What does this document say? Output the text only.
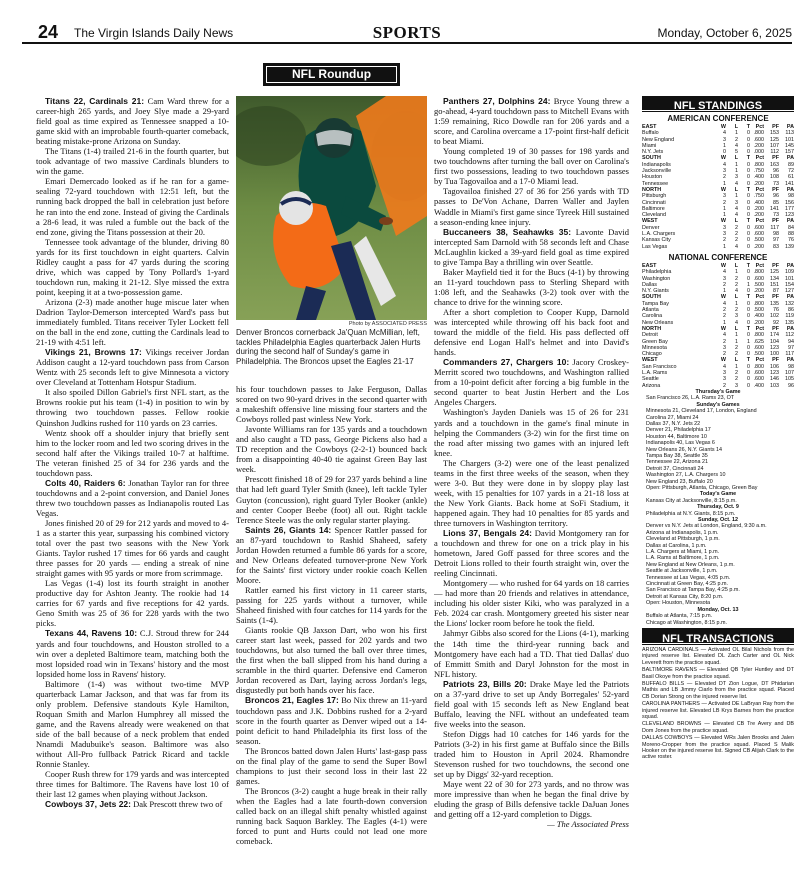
24 The Virgin Islands Daily News	SPORTS	Monday, October 6, 2025
NFL Roundup

Titans 22, Cardinals 21: Cam Ward threw for a career-high 265 yards, and Joey Slye made a 29-yard field goal as time expired as Tennessee snapped a 10-game skid with an improbable fourth-quarter comeback, beating mistake-prone Arizona on Sunday.

The Titans (1-4) trailed 21-6 in the fourth quarter, but took advantage of two massive Cardinals blunders to win the game.

Emari Demercado looked as if he ran for a game-sealing 72-yard touchdown with 12:51 left, but the running back dropped the ball in celebration just before he ran into the end zone. Instead of giving the Cardinals a 28-6 lead, it was ruled a fumble out the back of the end zone, giving the Titans possession at their 20.

Tennessee took advantage of the blunder, driving 80 yards for its first touchdown in eight quarters. Calvin Ridley caught a pass for 47 yards during the scoring drive, which was capped by Tony Pollard's 1-yard touchdown run, making it 21-12. Slye missed the extra point, keeping it at a two-possession game.

Arizona (2-3) made another huge miscue later when Dadrion Taylor-Demerson intercepted Ward's pass but immediately fumbled. Titans receiver Tyler Lockett fell on the ball in the end zone, cutting the Cardinals lead to 21-19 with 4:51 left.

Vikings 21, Browns 17: Vikings receiver Jordan Addison caught a 12-yard touchdown pass from Carson Wentz with 25 seconds left to give Minnesota a victory over Cleveland at Tottenham Hotspur Stadium.

It also spoiled Dillon Gabriel's first NFL start, as the Browns rookie put his team (1-4) in position to win by throwing two touchdown passes. Fellow rookie Quinshon Judkins rushed for 110 yards on 23 carries.

Wentz shook off a shoulder injury that briefly sent him to the locker room and led two scoring drives in the second half after the Vikings trailed 10-7 at halftime. The veteran finished 25 of 34 for 236 yards and the touchdown pass.

Colts 40, Raiders 6: Jonathan Taylor ran for three touchdowns and a 2-point conversion, and Daniel Jones threw two touchdown passes as Indianapolis routed Las Vegas.

Jones finished 20 of 29 for 212 yards and moved to 4-1 as a starter this year, surpassing his combined victory total over the past two seasons with the New York Giants. Taylor rushed 17 times for 66 yards and caught three passes for 20 yards — ending a streak of nine straight games with 95 yards or more from scrimmage.

Las Vegas (1-4) lost its fourth straight in another productive day for Ashton Jeanty. The rookie had 14 carries for 67 yards and five receptions for 42 yards. Geno Smith was 25 of 36 for 228 yards with the two picks.

Texans 44, Ravens 10: C.J. Stroud threw for 244 yards and four touchdowns, and Houston strolled to a win over a depleted Baltimore team, matching both the most lopsided road win in Texans' history and the most lopsided home loss in Ravens' history.

Baltimore (1-4) was without two-time MVP quarterback Lamar Jackson, and that was far from its only problem. Defensive standouts Kyle Hamilton, Roquan Smith and Marlon Humphrey all missed the game, and the Ravens already were weakened on that side of the ball because of a neck problem that ended Nnamdi Madubuike's season. Baltimore was also without All-Pro fullback Patrick Ricard and tackle Ronnie Stanley.

Cooper Rush threw for 179 yards and was intercepted three times for Baltimore. The Ravens have lost 10 of their last 12 games when playing without Jackson.

Cowboys 37, Jets 22: Dak Prescott threw two of

Photo by ASSOCIATED PRESS
Denver Broncos cornerback Ja'Quan McMillian, left, tackles Philadelphia Eagles quarterback Jalen Hurts during the second half of Sunday's game in Philadelphia. The Broncos upset the Eagles 21-17

his four touchdown passes to Jake Ferguson, Dallas scored on two 90-yard drives in the second quarter with a makeshift offensive line missing four starters and the Cowboys rolled past winless New York.

Javonte Williams ran for 135 yards and a touchdown and also caught a TD pass, George Pickens also had a TD reception and the Cowboys (2-2-1) bounced back from a disappointing 40-40 tie against Green Bay last week.

Prescott finished 18 of 29 for 237 yards behind a line that had left guard Tyler Smith (knee), left tackle Tyler Guyton (concussion), right guard Tyler Booker (ankle) and center Cooper Beebe (foot) all out. Right tackle Terence Steele was the only regular starter playing.

Saints 26, Giants 14: Spencer Rattler passed for an 87-yard touchdown to Rashid Shaheed, safety Jordan Howden returned a fumble 86 yards for a score, and New Orleans defeated turnover-prone New York for the Saints' first victory under rookie coach Kellen Moore.

Rattler earned his first victory in 11 career starts, passing for 225 yards without a turnover, while Shaheed finished with four catches for 114 yards for the Saints (1-4).

Giants rookie QB Jaxson Dart, who won his first career start last week, passed for 202 yards and two touchdowns, but also turned the ball over three times, the first when the ball slipped from his hand during a scramble in the third quarter. Defensive end Cameron Jordan recovered as Dart, laying across Jordan's legs, disgustedly put both hands over his face.

Broncos 21, Eagles 17: Bo Nix threw an 11-yard touchdown pass and J.K. Dobbins rushed for a 2-yard score in the fourth quarter as Denver wiped out a 14-point deficit to hand Philadelphia its first loss of the season.

The Broncos batted down Jalen Hurts' last-gasp pass on the final play of the game to send the Super Bowl champions to just their second loss in their last 22 games.

The Broncos (3-2) caught a huge break in their rally when the Eagles had a late fourth-down conversion called back on an illegal shift penalty whistled against running back Saquon Barkley. The Eagles (4-1) were forced to punt and Hurts could not lead one more comeback.

Panthers 27, Dolphins 24: Bryce Young threw a go-ahead, 4-yard touchdown pass to Mitchell Evans with 1:59 remaining, Rico Dowdle ran for 206 yards and a score, and Carolina overcame a 17-point first-half deficit to beat Miami.

Young completed 19 of 30 passes for 198 yards and two touchdowns after turning the ball over on Carolina's first two possessions, leading to two touchdown passes by Tua Tagovailoa and a 17-0 Miami lead.

Tagovailoa finished 27 of 36 for 256 yards with TD passes to De'Von Achane, Darren Waller and Jaylen Waddle in Miami's first game since Tyreek Hill sustained a season-ending knee injury.

Buccaneers 38, Seahawks 35: Lavonte David intercepted Sam Darnold with 58 seconds left and Chase McLaughlin kicked a 39-yard field goal as time expired to give Tampa Bay a thrilling win over Seattle.

Baker Mayfield tied it for the Bucs (4-1) by throwing an 11-yard touchdown pass to Sterling Shepard with 1:08 left, and the Seahawks (3-2) took over with the chance to drive for the winning score.

After a short completion to Cooper Kupp, Darnold was intercepted while throwing off his back foot and toward the middle of the field. His pass deflected off defensive end Logan Hall's helmet and into David's hands.

Commanders 27, Chargers 10: Jacory Croskey-Merritt scored two touchdowns, and Washington rallied from a 10-point deficit after forcing a big fumble in the second quarter to beat Justin Herbert and the Los Angeles Chargers.

Washington's Jayden Daniels was 15 of 26 for 231 yards and a touchdown in the game's final minute in helping the Commanders (3-2) win for the first time on the road after missing two games with an injured left knee.

The Chargers (3-2) were one of the least penalized teams in the first three weeks of the season, when they were 3-0. But they were done in by sloppy play last week, with 15 penalties for 107 yards in a 21-18 loss at the New York Giants. Back home at SoFi Stadium, it happened again. They had 10 penalties for 85 yards and three turnovers in Washington territory.

Lions 37, Bengals 24: David Montgomery ran for a touchdown and threw for one on a trick play in his hometown, Jared Goff passed for three scores and the Detroit Lions rolled to their fourth straight win, over the reeling Cincinnati.

Montgomery — who rushed for 64 yards on 18 carries — had more than 20 friends and relatives in attendance, including his older sister Kiki, who was paralyzed in a Feb. 2024 car crash. Montgomery greeted his sister near the Lions' locker room before he took the field.

Jahmyr Gibbs also scored for the Lions (4-1), marking the 14th time the third-year running back and Montgomery have each had a TD. That tied Dallas' duo of Emmitt Smith and Daryl Johnston for the most in NFL history.

Patriots 23, Bills 20: Drake Maye led the Patriots on a 37-yard drive to set up Andy Borregales' 52-yard field goal with 15 seconds left as New England beat Buffalo, leaving the NFL without an undefeated team five weeks into the season.

Stefon Diggs had 10 catches for 146 yards for the Patriots (3-2) in his first game at Buffalo since the Bills traded him to Houston in April 2024. Rhamondre Stevenson rushed for two touchdowns, the second one set up by Diggs' 32-yard reception.

Maye went 22 of 30 for 273 yards, and no throw was more impressive than when he began the final drive by eluding the grasp of Bills defensive tackle DaJuan Jones and getting off a 12-yard completion to Diggs.

— The Associated Press

NFL STANDINGS
AMERICAN CONFERENCE
EAST	W	L	T	Pct	PF	PA
Buffalo	4	1	0	.800	153	113
New England	3	2	0	.600	125	101
Miami	1	4	0	.200	107	145
N.Y. Jets	0	5	0	.000	112	157
SOUTH	W	L	T	Pct	PF	PA
Indianapolis	4	1	0	.800	163	89
Jacksonville	3	1	0	.750	96	72
Houston	2	3	0	.400	108	61
Tennessee	1	4	0	.200	73	141
NORTH	W	L	T	Pct	PF	PA
Pittsburgh	3	1	0	.750	96	98
Cincinnati	2	3	0	.400	85	156
Baltimore	1	4	0	.200	141	177
Cleveland	1	4	0	.200	73	123
WEST	W	L	T	Pct	PF	PA
Denver	3	2	0	.600	117	84
L.A. Chargers	3	2	0	.600	98	88
Kansas City	2	2	0	.500	97	76
Las Vegas	1	4	0	.200	83	139
NATIONAL CONFERENCE
EAST	W	L	T	Pct	PF	PA
Philadelphia	4	1	0	.800	125	109
Washington	3	2	0	.600	134	101
Dallas	2	2	1	.500	151	154
N.Y. Giants	1	4	0	.200	87	127
SOUTH	W	L	T	Pct	PF	PA
Tampa Bay	4	1	0	.800	135	132
Atlanta	2	2	0	.500	76	86
Carolina	2	3	0	.400	102	119
New Orleans	1	4	0	.200	92	135
NORTH	W	L	T	Pct	PF	PA
Detroit	4	1	0	.800	174	112
Green Bay	2	1	1	.625	104	94
Minnesota	3	2	0	.600	123	97
Chicago	2	2	0	.500	100	117
WEST	W	L	T	Pct	PF	PA
San Francisco	4	1	0	.800	106	98
L.A. Rams	3	2	0	.600	123	107
Seattle	3	2	0	.600	146	105
Arizona	2	3	0	.400	103	96
Thursday's Game
San Francisco 26, L.A. Rams 23, OT
Sunday's Games
Minnesota 21, Cleveland 17, London, England
Carolina 27, Miami 24
Dallas 37, N.Y. Jets 22
Denver 21, Philadelphia 17
Houston 44, Baltimore 10
Indianapolis 40, Las Vegas 6
New Orleans 26, N.Y. Giants 14
Tampa Bay 38, Seattle 35
Tennessee 22, Arizona 21
Detroit 37, Cincinnati 24
Washington 27, L.A. Chargers 10
New England 23, Buffalo 20
Open: Pittsburgh, Atlanta, Chicago, Green Bay
Today's Game
Kansas City at Jacksonville, 8:15 p.m.
Thursday, Oct. 9
Philadelphia at N.Y. Giants, 8:15 p.m.
Sunday, Oct. 12
Denver vs N.Y. Jets at London, England, 9:30 a.m.
Arizona at Indianapolis, 1 p.m.
Cleveland at Pittsburgh, 1 p.m.
Dallas at Carolina, 1 p.m.
L.A. Chargers at Miami, 1 p.m.
L.A. Rams at Baltimore, 1 p.m.
New England at New Orleans, 1 p.m.
Seattle at Jacksonville, 1 p.m.
Tennessee at Las Vegas, 4:05 p.m.
Cincinnati at Green Bay, 4:25 p.m.
San Francisco at Tampa Bay, 4:25 p.m.
Detroit at Kansas City, 8:20 p.m.
Open: Houston, Minnesota
Monday, Oct. 13
Buffalo at Atlanta, 7:15 p.m.
Chicago at Washington, 8:15 p.m.
NFL TRANSACTIONS

ARIZONA CARDINALS — Activated OL Bilal Nichols from the injured reserve list. Elevated DL Zach Carter and OL Nick Leverett from the practice squad.

BALTIMORE RAVENS — Elevated QB Tyler Huntley and DT Basil Okoye from the practice squad.

BUFFALO BILLS — Elevated DT Zion Logue, DT Phidarian Mathis and LB Jimmy Ciarlo from the practice squad. Placed CB Dorian Strong on the injured reserve list.

CAROLINA PANTHERS — Activated DE LaBryan Ray from the injured reserve list. Elevated LB Krys Barnes from the practice squad.

CLEVELAND BROWNS — Elevated CB Tre Avery and DB Dom Jones from the practice squad.

DALLAS COWBOYS — Elevated WRs Jalen Brooks and Jalen Moreno-Cropper from the practice squad. Placed S Malik Hooker on the injured reserve list. Signed CB Alijah Clark to the active roster.
